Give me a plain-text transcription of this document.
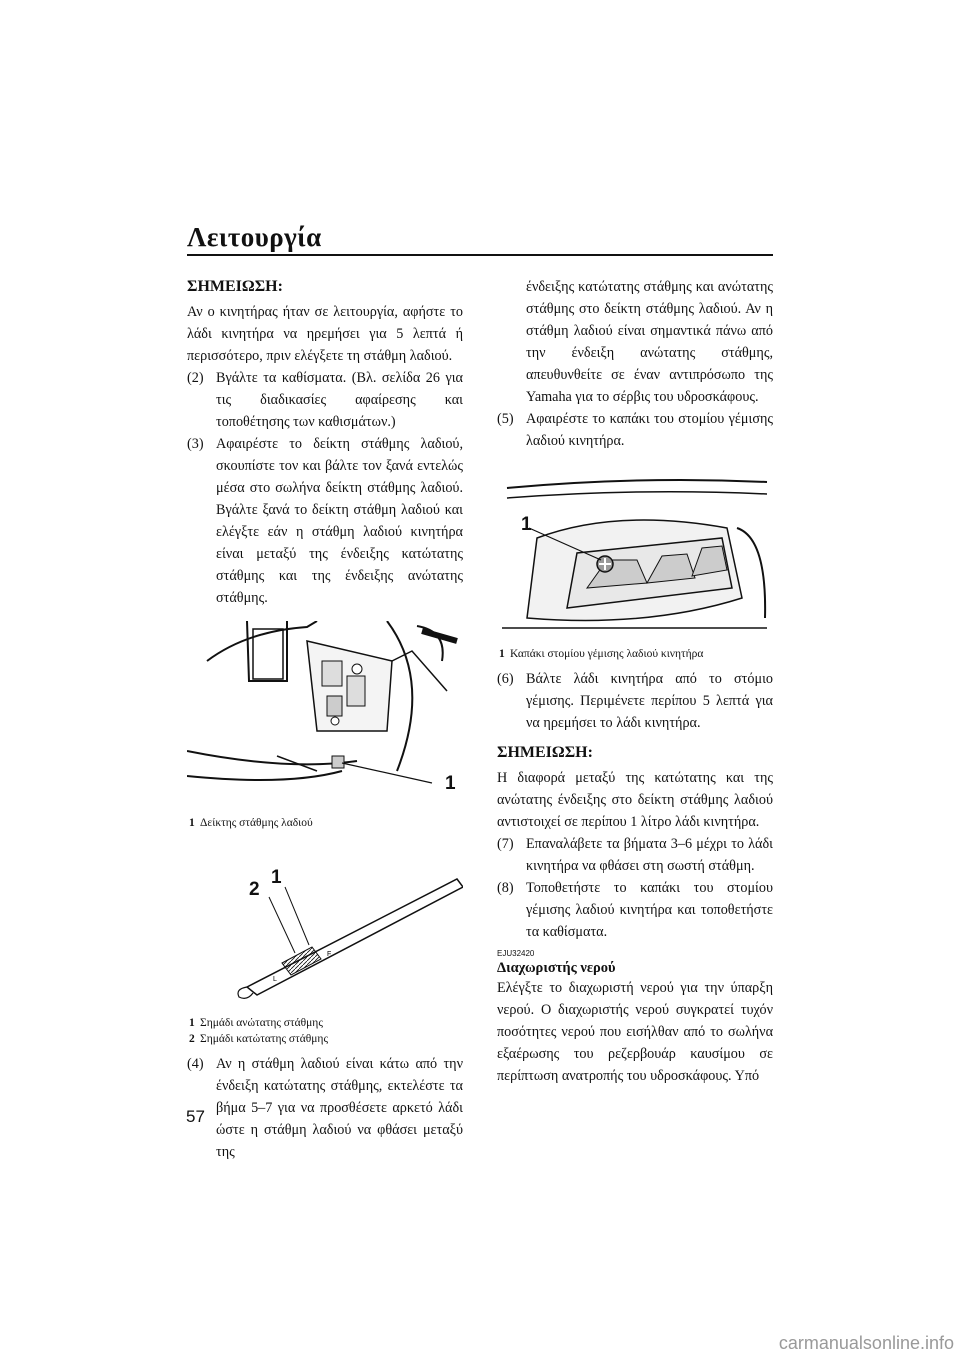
Λειτουργία
ΣΗΜΕΙΩΣΗ:

Αν ο κινητήρας ήταν σε λειτουργία, αφήστε το λάδι κινητήρα να ηρεμήσει για 5 λεπτά ή περισσότερο, πριν ελέγξετε τη στάθμη λαδιού.

(2) Βγάλτε τα καθίσματα. (Βλ. σελίδα 26 για τις διαδικασίες αφαίρεσης και τοποθέτησης των καθισμάτων.)
(3) Αφαιρέστε το δείκτη στάθμης λαδιού, σκουπίστε τον και βάλτε τον ξανά εντελώς μέσα στο σωλήνα δείκτη στάθμης λαδιού. Βγάλτε ξανά το δείκτη στάθμη λαδιού και ελέγξτε εάν η στάθμη λαδιού κινητήρα είναι μεταξύ της ένδειξης κατώτατης στάθμης και της ένδειξης ανώτατης στάθμης.
1
1 Δείκτης στάθμης λαδιού
L
F
2
1
1 Σημάδι ανώτατης στάθμης
2 Σημάδι κατώτατης στάθμης
(4) Αν η στάθμη λαδιού είναι κάτω από την ένδειξη κατώτατης στάθμης, εκτελέστε τα βήμα 5–7 για να προσθέσετε αρκετό λάδι ώστε η στάθμη λαδιού να φθάσει μεταξύ της

ένδειξης κατώτατης στάθμης και ανώτατης στάθμης στο δείκτη στάθμης λαδιού. Αν η στάθμη λαδιού είναι σημαντικά πάνω από την ένδειξη ανώτατης στάθμης, απευθυνθείτε σε έναν αντιπρόσωπο της Yamaha για το σέρβις του υδροσκάφους.

(5) Αφαιρέστε το καπάκι του στομίου γέμισης λαδιού κινητήρα.
1
1 Καπάκι στομίου γέμισης λαδιού κινητήρα
(6) Βάλτε λάδι κινητήρα από το στόμιο γέμισης. Περιμένετε περίπου 5 λεπτά για να ηρεμήσει το λάδι κινητήρα.
ΣΗΜΕΙΩΣΗ:

Η διαφορά μεταξύ της κατώτατης και της ανώτατης ένδειξης στο δείκτη στάθμης λαδιού αντιστοιχεί σε περίπου 1 λίτρο λάδι κινητήρα.

(7) Επαναλάβετε τα βήματα 3–6 μέχρι το λάδι κινητήρα να φθάσει στη σωστή στάθμη.
(8) Τοποθετήστε το καπάκι του στομίου γέμισης λαδιού κινητήρα και τοποθετήστε τα καθίσματα.
EJU32420
Διαχωριστής νερού

Ελέγξτε το διαχωριστή νερού για την ύπαρξη νερού. Ο διαχωριστής νερού συγκρατεί τυχόν ποσότητες νερού που εισήλθαν από το σωλήνα εξαέρωσης του ρεζερβουάρ καυσίμου σε περίπτωση ανατροπής του υδροσκάφους. Υπό

57
carmanualsonline.info
